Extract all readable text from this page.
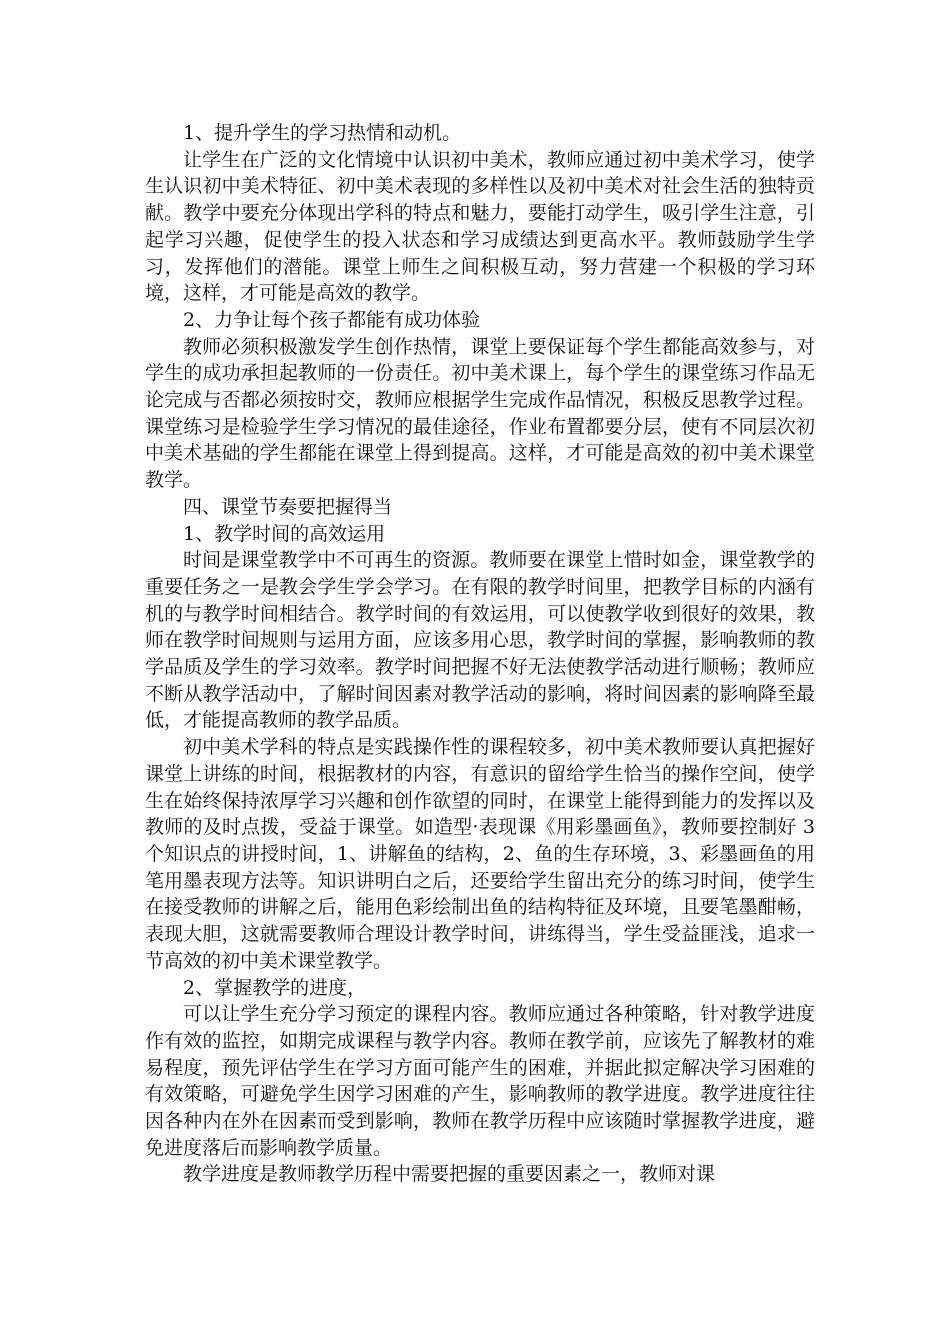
1、提升学生的学习热情和动机。

让学生在广泛的文化情境中认识初中美术，教师应通过初中美术学习，使学生认识初中美术特征、初中美术表现的多样性以及初中美术对社会生活的独特贡献。教学中要充分体现出学科的特点和魅力，要能打动学生，吸引学生注意，引起学习兴趣，促使学生的投入状态和学习成绩达到更高水平。教师鼓励学生学习，发挥他们的潜能。课堂上师生之间积极互动，努力营建一个积极的学习环境，这样，才可能是高效的教学。

2、力争让每个孩子都能有成功体验

教师必须积极激发学生创作热情，课堂上要保证每个学生都能高效参与，对学生的成功承担起教师的一份责任。初中美术课上，每个学生的课堂练习作品无论完成与否都必须按时交，教师应根据学生完成作品情况，积极反思教学过程。课堂练习是检验学生学习情况的最佳途径，作业布置都要分层，使有不同层次初中美术基础的学生都能在课堂上得到提高。这样，才可能是高效的初中美术课堂教学。

四、课堂节奏要把握得当

1、教学时间的高效运用

时间是课堂教学中不可再生的资源。教师要在课堂上惜时如金，课堂教学的重要任务之一是教会学生学会学习。在有限的教学时间里，把教学目标的内涵有机的与教学时间相结合。教学时间的有效运用，可以使教学收到很好的效果，教师在教学时间规则与运用方面，应该多用心思，教学时间的掌握，影响教师的教学品质及学生的学习效率。教学时间把握不好无法使教学活动进行顺畅；教师应不断从教学活动中，了解时间因素对教学活动的影响，将时间因素的影响降至最低，才能提高教师的教学品质。

初中美术学科的特点是实践操作性的课程较多，初中美术教师要认真把握好课堂上讲练的时间，根据教材的内容，有意识的留给学生恰当的操作空间，使学生在始终保持浓厚学习兴趣和创作欲望的同时，在课堂上能得到能力的发挥以及教师的及时点拨，受益于课堂。如造型·表现课《用彩墨画鱼》，教师要控制好 3 个知识点的讲授时间，1、讲解鱼的结构，2、鱼的生存环境，3、彩墨画鱼的用笔用墨表现方法等。知识讲明白之后，还要给学生留出充分的练习时间，使学生在接受教师的讲解之后，能用色彩绘制出鱼的结构特征及环境，且要笔墨酣畅，表现大胆，这就需要教师合理设计教学时间，讲练得当，学生受益匪浅，追求一节高效的初中美术课堂教学。

2、掌握教学的进度，

可以让学生充分学习预定的课程内容。教师应通过各种策略，针对教学进度作有效的监控，如期完成课程与教学内容。教师在教学前，应该先了解教材的难易程度，预先评估学生在学习方面可能产生的困难，并据此拟定解决学习困难的有效策略，可避免学生因学习困难的产生，影响教师的教学进度。教学进度往往因各种内在外在因素而受到影响，教师在教学历程中应该随时掌握教学进度，避免进度落后而影响教学质量。

教学进度是教师教学历程中需要把握的重要因素之一，教师对课
